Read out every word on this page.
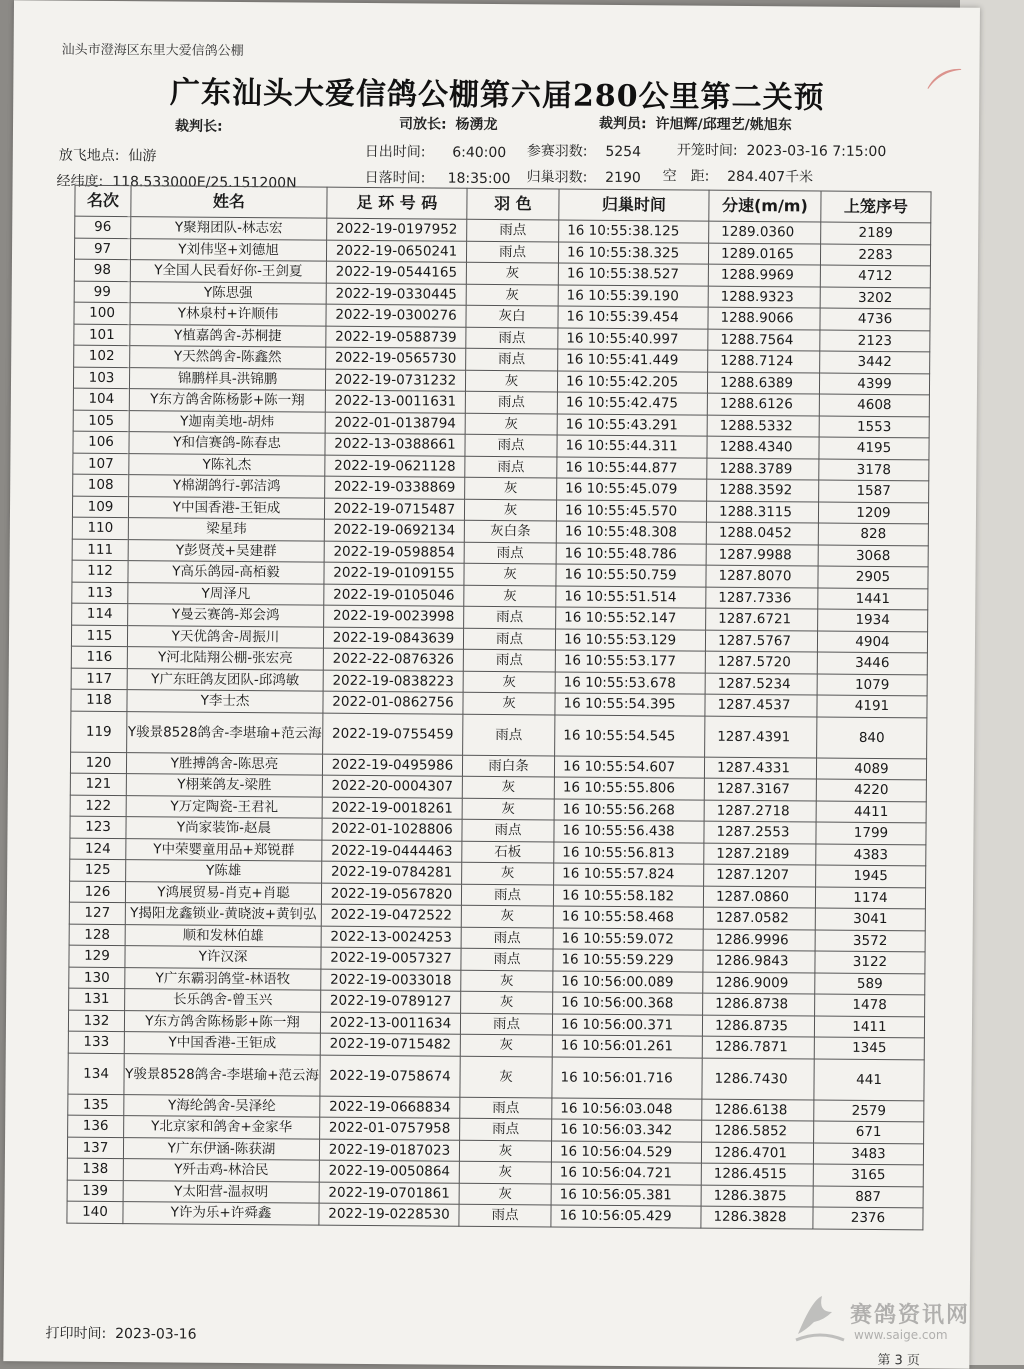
汕头市澄海区东里大爱信鸽公棚
广东汕头大爱信鸽公棚第六届280公里第二关预
裁判长:	司放长: 杨湧龙	裁判员: 许旭辉/邱理艺/姚旭东
放飞地点: 仙游	日出时间: 6:40:00 参赛羽数: 5254	开笼时间: 2023-03-16 7:15:00
经纬度: 118.533000E/25.151200N	日落时间: 18:35:00 归巢羽数: 2190 空　距: 284.407千米
名次	姓名	足 环 号 码	羽 色	归巢时间	分速(m/m)	上笼序号
96	Y聚翔团队-林志宏	2022-19-0197952	雨点	16 10:55:38.125	1289.0360	2189
97	Y刘伟坚+刘德旭	2022-19-0650241	雨点	16 10:55:38.325	1289.0165	2283
98	Y全国人民看好你-王剑夏	2022-19-0544165	灰	16 10:55:38.527	1288.9969	4712
99	Y陈思强	2022-19-0330445	灰	16 10:55:39.190	1288.9323	3202
100	Y林泉村+许顺伟	2022-19-0300276	灰白	16 10:55:39.454	1288.9066	4736
101	Y植嘉鸽舍-苏桐捷	2022-19-0588739	雨点	16 10:55:40.997	1288.7564	2123
102	Y天然鸽舍-陈鑫然	2022-19-0565730	雨点	16 10:55:41.449	1288.7124	3442
103	锦鹏样具-洪锦鹏	2022-19-0731232	灰	16 10:55:42.205	1288.6389	4399
104	Y东方鸽舍陈杨影+陈一翔	2022-13-0011631	雨点	16 10:55:42.475	1288.6126	4608
105	Y迦南美地-胡炜	2022-01-0138794	灰	16 10:55:43.291	1288.5332	1553
106	Y和信赛鸽-陈春忠	2022-13-0388661	雨点	16 10:55:44.311	1288.4340	4195
107	Y陈礼杰	2022-19-0621128	雨点	16 10:55:44.877	1288.3789	3178
108	Y棉湖鸽行-郭洁鸿	2022-19-0338869	灰	16 10:55:45.079	1288.3592	1587
109	Y中国香港-王钜成	2022-19-0715487	灰	16 10:55:45.570	1288.3115	1209
110	梁星玮	2022-19-0692134	灰白条	16 10:55:48.308	1288.0452	828
111	Y彭贤茂+吴建群	2022-19-0598854	雨点	16 10:55:48.786	1287.9988	3068
112	Y高乐鸽园-高栢毅	2022-19-0109155	灰	16 10:55:50.759	1287.8070	2905
113	Y周泽凡	2022-19-0105046	灰	16 10:55:51.514	1287.7336	1441
114	Y曼云赛鸽-郑会鸿	2022-19-0023998	雨点	16 10:55:52.147	1287.6721	1934
115	Y天优鸽舍-周振川	2022-19-0843639	雨点	16 10:55:53.129	1287.5767	4904
116	Y河北陆翔公棚-张宏亮	2022-22-0876326	雨点	16 10:55:53.177	1287.5720	3446
117	Y广东旺鸽友团队-邱鸿敏	2022-19-0838223	灰	16 10:55:53.678	1287.5234	1079
118	Y李士杰	2022-01-0862756	灰	16 10:55:54.395	1287.4537	4191
119	Y骏景8528鸽舍-李堪瑜+范云海	2022-19-0755459	雨点	16 10:55:54.545	1287.4391	840
120	Y胜搏鸽舍-陈思亮	2022-19-0495986	雨白条	16 10:55:54.607	1287.4331	4089
121	Y栩莱鸽友-梁胜	2022-20-0004307	灰	16 10:55:55.806	1287.3167	4220
122	Y万定陶瓷-王君礼	2022-19-0018261	灰	16 10:55:56.268	1287.2718	4411
123	Y尚家装饰-赵晨	2022-01-1028806	雨点	16 10:55:56.438	1287.2553	1799
124	Y中荣婴童用品+郑锐群	2022-19-0444463	石板	16 10:55:56.813	1287.2189	4383
125	Y陈雄	2022-19-0784281	灰	16 10:55:57.824	1287.1207	1945
126	Y鸿展贸易-肖克+肖聪	2022-19-0567820	雨点	16 10:55:58.182	1287.0860	1174
127	Y揭阳龙鑫锁业-黄晓波+黄钊弘	2022-19-0472522	灰	16 10:55:58.468	1287.0582	3041
128	顺和发林伯雄	2022-13-0024253	雨点	16 10:55:59.072	1286.9996	3572
129	Y许汉深	2022-19-0057327	雨点	16 10:55:59.229	1286.9843	3122
130	Y广东霸羽鸽堂-林语牧	2022-19-0033018	灰	16 10:56:00.089	1286.9009	589
131	长乐鸽舍-曾玉兴	2022-19-0789127	灰	16 10:56:00.368	1286.8738	1478
132	Y东方鸽舍陈杨影+陈一翔	2022-13-0011634	雨点	16 10:56:00.371	1286.8735	1411
133	Y中国香港-王钜成	2022-19-0715482	灰	16 10:56:01.261	1286.7871	1345
134	Y骏景8528鸽舍-李堪瑜+范云海	2022-19-0758674	灰	16 10:56:01.716	1286.7430	441
135	Y海纶鸽舍-吴泽纶	2022-19-0668834	雨点	16 10:56:03.048	1286.6138	2579
136	Y北京家和鸽舍+金家华	2022-01-0757958	雨点	16 10:56:03.342	1286.5852	671
137	Y广东伊涵-陈获湖	2022-19-0187023	灰	16 10:56:04.529	1286.4701	3483
138	Y歼击鸡-林洽民	2022-19-0050864	灰	16 10:56:04.721	1286.4515	3165
139	Y太阳营-温叔明	2022-19-0701861	灰	16 10:56:05.381	1286.3875	887
140	Y许为乐+许舜鑫	2022-19-0228530	雨点	16 10:56:05.429	1286.3828	2376
打印时间: 2023-03-16
第 3 页
⌒
赛鸽资讯网
www.saige.com
